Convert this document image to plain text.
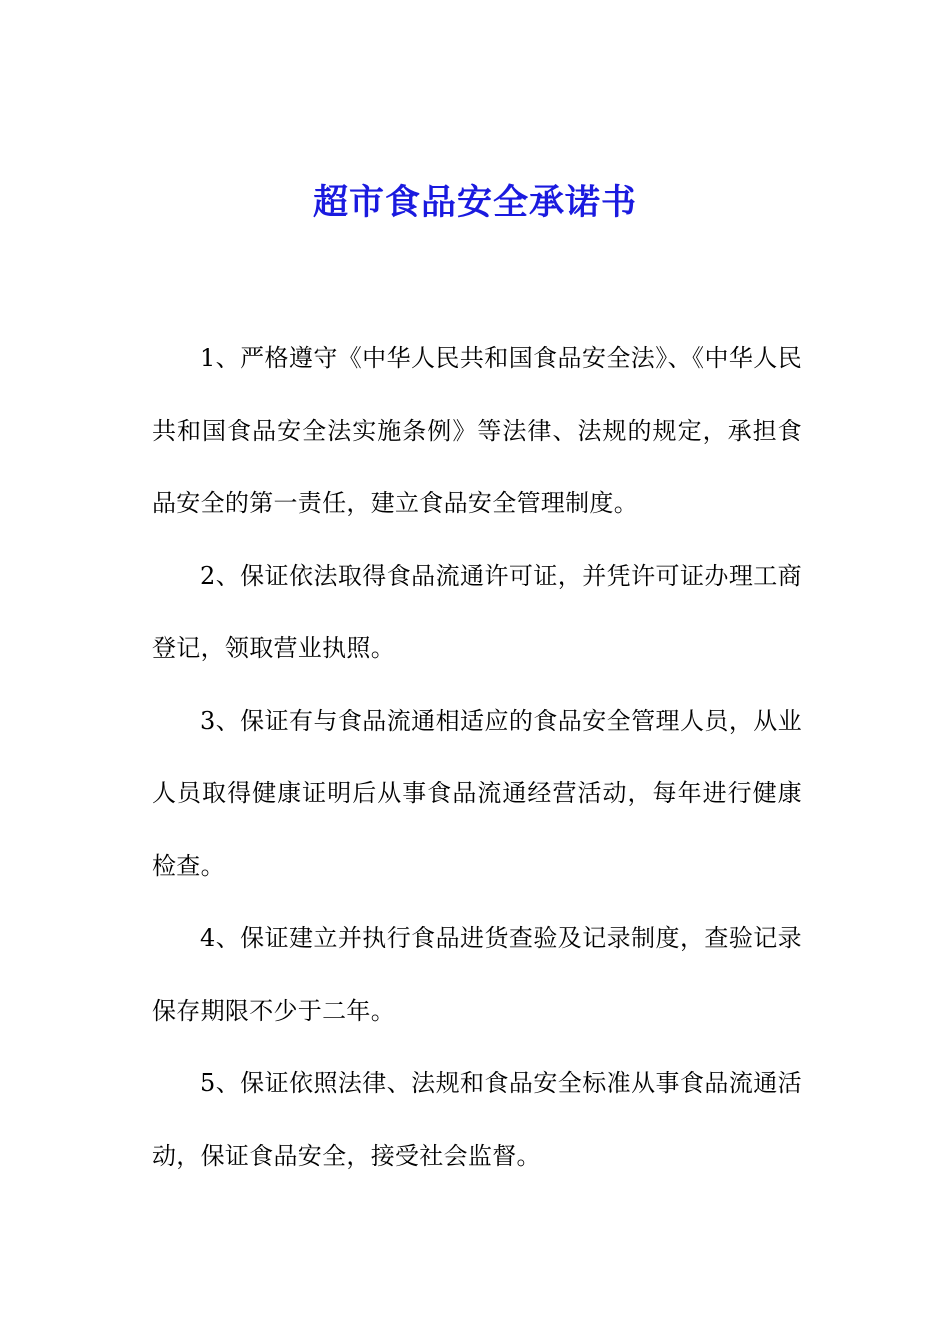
超市食品安全承诺书

1、严格遵守《中华人民共和国食品安全法》、《中华人民共和国食品安全法实施条例》等法律、法规的规定，承担食品安全的第一责任，建立食品安全管理制度。

2、保证依法取得食品流通许可证，并凭许可证办理工商登记，领取营业执照。

3、保证有与食品流通相适应的食品安全管理人员，从业人员取得健康证明后从事食品流通经营活动，每年进行健康检查。

4、保证建立并执行食品进货查验及记录制度，查验记录保存期限不少于二年。

5、保证依照法律、法规和食品安全标准从事食品流通活动，保证食品安全，接受社会监督。
